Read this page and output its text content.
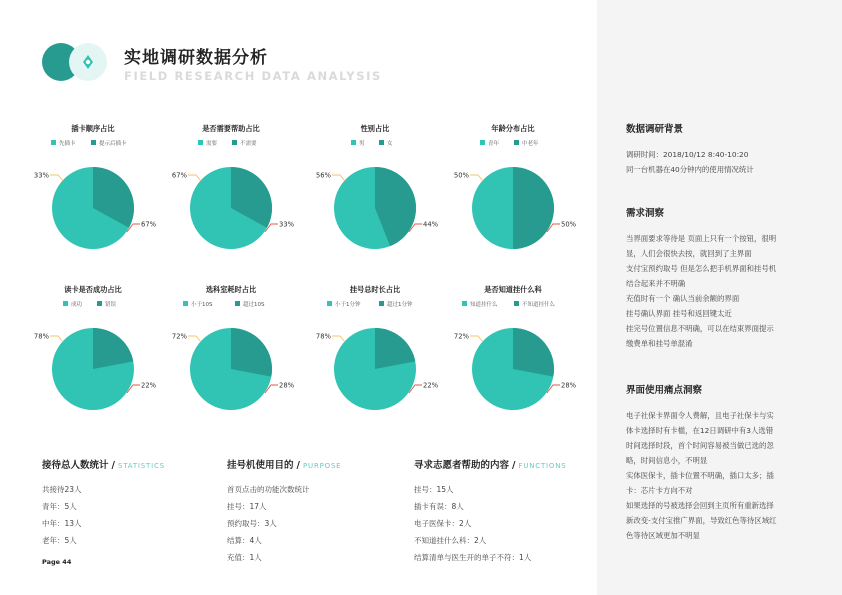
实地调研数据分析
FIELD RESEARCH DATA ANALYSIS
插卡顺序占比
先插卡	提示后插卡
33%
67%
是否需要帮助占比
需要	不需要
67%
33%
性别占比
男	女
56%
44%
年龄分布占比
青年	中老年
50%
50%
读卡是否成功占比
成功	错误
78%
22%
选科室耗时占比
小于10S	超过10S
72%
28%
挂号总时长占比
小于1分钟	超过1分钟
78%
22%
是否知道挂什么科
知道挂什么	不知道挂什么
72%
28%
接待总人数统计 / STATISTICS
共接待23人
青年：5人
中年：13人
老年：5人
挂号机使用目的 / PURPOSE
首页点击的功能次数统计
挂号：17人
预约取号：3人
结算：4人
充值：1人
寻求志愿者帮助的内容 / FUNCTIONS
挂号：15人
插卡有误：8人
电子医保卡：2人
不知道挂什么科：2人
结算清单与医生开的单子不符：1人
数据调研背景
调研时间：2018/10/12 8:40-10:20
同一台机器在40分钟内的使用情况统计
需求洞察
当界面要求等待是 页面上只有一个按钮，很明
显，人们会很快去按，就回到了主界面
支付宝预约取号 但是怎么把手机界面和挂号机
结合起来并不明确
充值时有一个 确认当前余额的界面
挂号确认界面 挂号和返回键太近
挂完号位置信息不明确，可以在结束界面提示
缴费单和挂号单混淆
界面使用痛点洞察
电子社保卡界面令人费解，且电子社保卡与实
体卡选择时有卡槛，在12日调研中有3人选错
时间选择时段，首个时间容易被当做已选的忽
略，时间信息小，不明显
实体医保卡，插卡位置不明确，插口太多；插
卡：芯片卡方向不对
如果选择的号被选择会回到主页所有重新选择
新改变-支付宝推广界面，导致红色等待区域红
色等待区域更加不明显
Page 44
